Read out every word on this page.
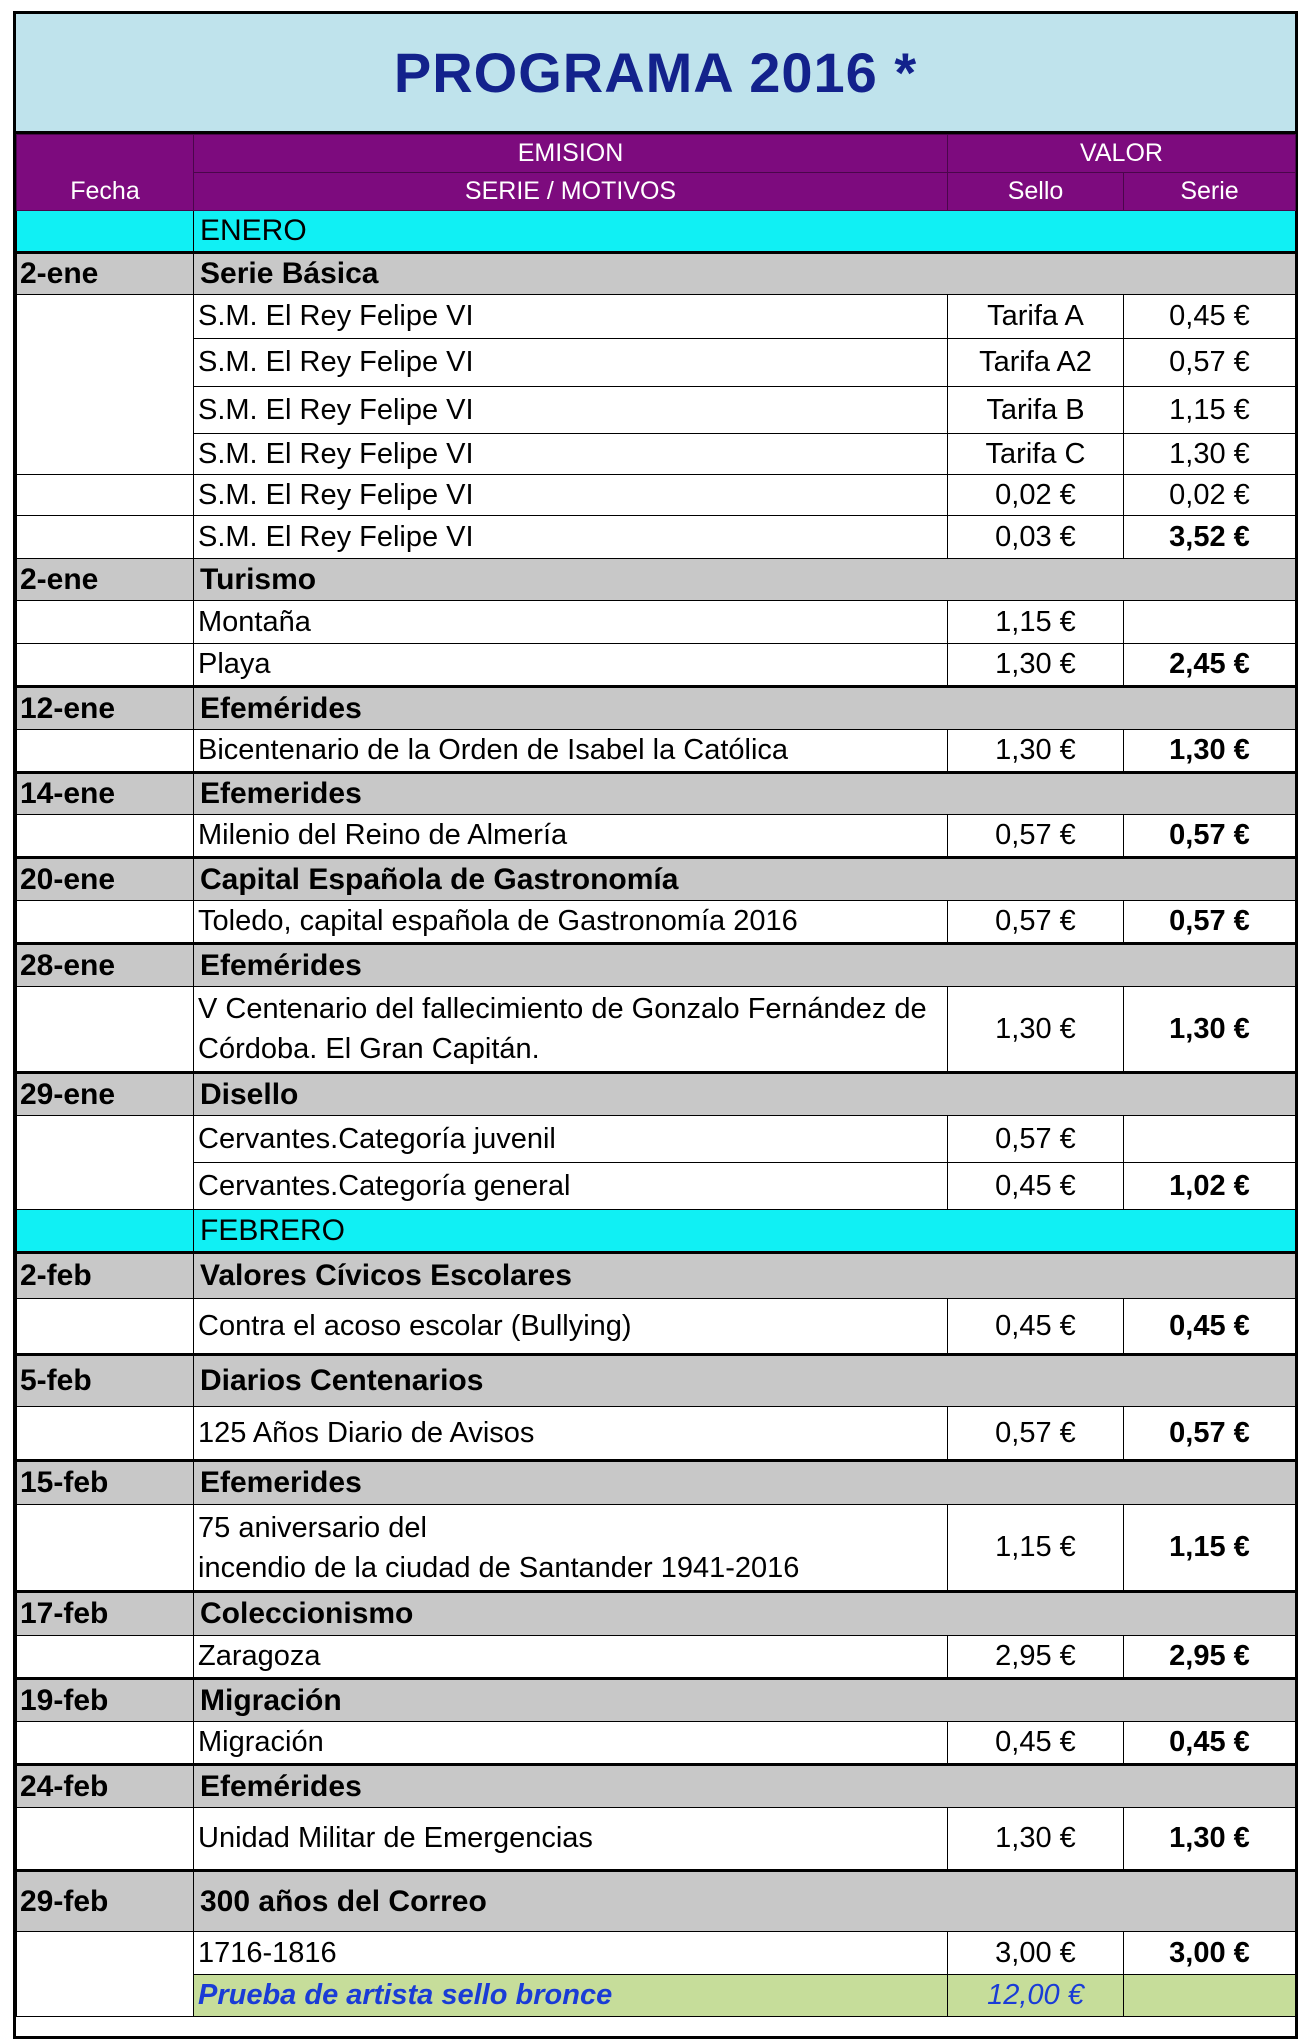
PROGRAMA 2016 *
Fecha	EMISION	VALOR	
	SERIE / MOTIVOS	Sello	Serie
	ENERO		
2-ene	Serie Básica		
	S.M. El Rey Felipe VI	Tarifa A	0,45 €
	S.M. El Rey Felipe VI	Tarifa A2	0,57 €
	S.M. El Rey Felipe VI	Tarifa B	1,15 €
	S.M. El Rey Felipe VI	Tarifa C	1,30 €
	S.M. El Rey Felipe VI	0,02 €	0,02 €
	S.M. El Rey Felipe VI	0,03 €	3,52 €
2-ene	Turismo		
	Montaña	1,15 €	
	Playa	1,30 €	2,45 €
12-ene	Efemérides		
	Bicentenario de la Orden de Isabel la Católica	1,30 €	1,30 €
14-ene	Efemerides		
	Milenio del Reino de Almería	0,57 €	0,57 €
20-ene	Capital Española de Gastronomía		
	Toledo, capital española de Gastronomía 2016	0,57 €	0,57 €
28-ene	Efemérides		

	V Centenario del fallecimiento de Gonzalo Fernández de
Córdoba. El Gran Capitán.	1,30 €	1,30 €
29-ene	Disello		
	Cervantes.Categoría juvenil	0,57 €	
	Cervantes.Categoría general	0,45 €	1,02 €
	FEBRERO		
2-feb	Valores Cívicos Escolares		
	Contra el acoso escolar (Bullying)	0,45 €	0,45 €
5-feb	Diarios Centenarios		
	125 Años Diario de Avisos	0,57 €	0,57 €
15-feb	Efemerides		

	75 aniversario del
incendio de la ciudad de Santander 1941-2016	1,15 €	1,15 €
17-feb	Coleccionismo		
	Zaragoza	2,95 €	2,95 €
19-feb	Migración		
	Migración	0,45 €	0,45 €
24-feb	Efemérides		
	Unidad Militar de Emergencias	1,30 €	1,30 €
29-feb	300 años del Correo		
	1716-1816	3,00 €	3,00 €
	Prueba de artista sello bronce	12,00 €	
